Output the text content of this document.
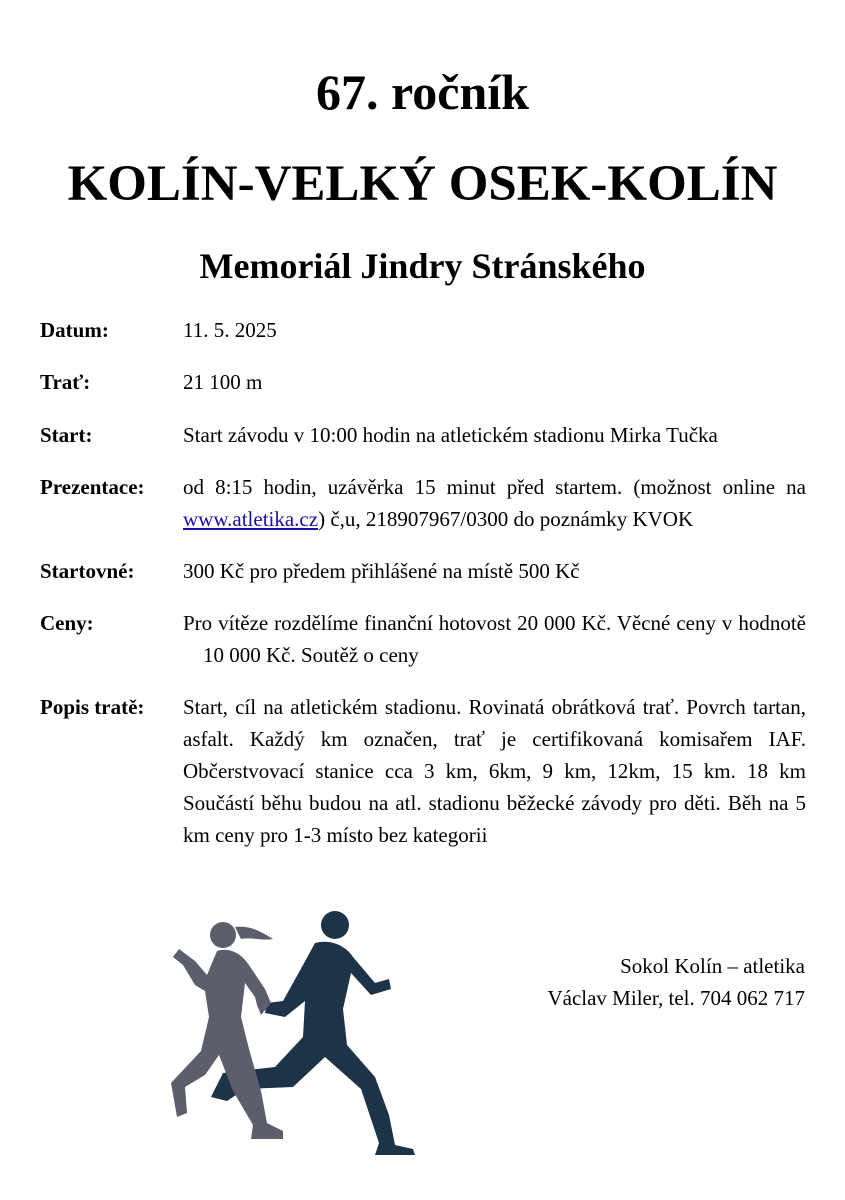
67. ročník
KOLÍN-VELKÝ OSEK-KOLÍN
Memoriál Jindry Stránského
Datum:	11. 5. 2025
Trať:	21 100 m
Start:	Start závodu v 10:00 hodin na atletickém stadionu Mirka Tučka
Prezentace: od 8:15 hodin, uzávěrka 15 minut před startem. (možnost online na www.atletika.cz) č,u, 218907967/0300 do poznámky KVOK
Startovné: 300 Kč pro předem přihlášené na místě 500 Kč
Ceny:	Pro vítěze rozdělíme finanční hotovost 20 000 Kč. Věcné ceny v hodnotě10 000 Kč. Soutěž o ceny
Popis tratě: Start, cíl na atletickém stadionu. Rovinatá obrátková trať. Povrch tartan, asfalt. Každý km označen, trať je certifikovaná komisařem IAF. Občerstvovací stanice cca 3 km, 6km, 9 km, 12km, 15 km. 18 km Součástí běhu budou na atl. stadionu běžecké závody pro děti. Běh na 5 km ceny pro 1-3 místo bez kategorii
Sokol Kolín – atletika
Václav Miler, tel. 704 062 717
